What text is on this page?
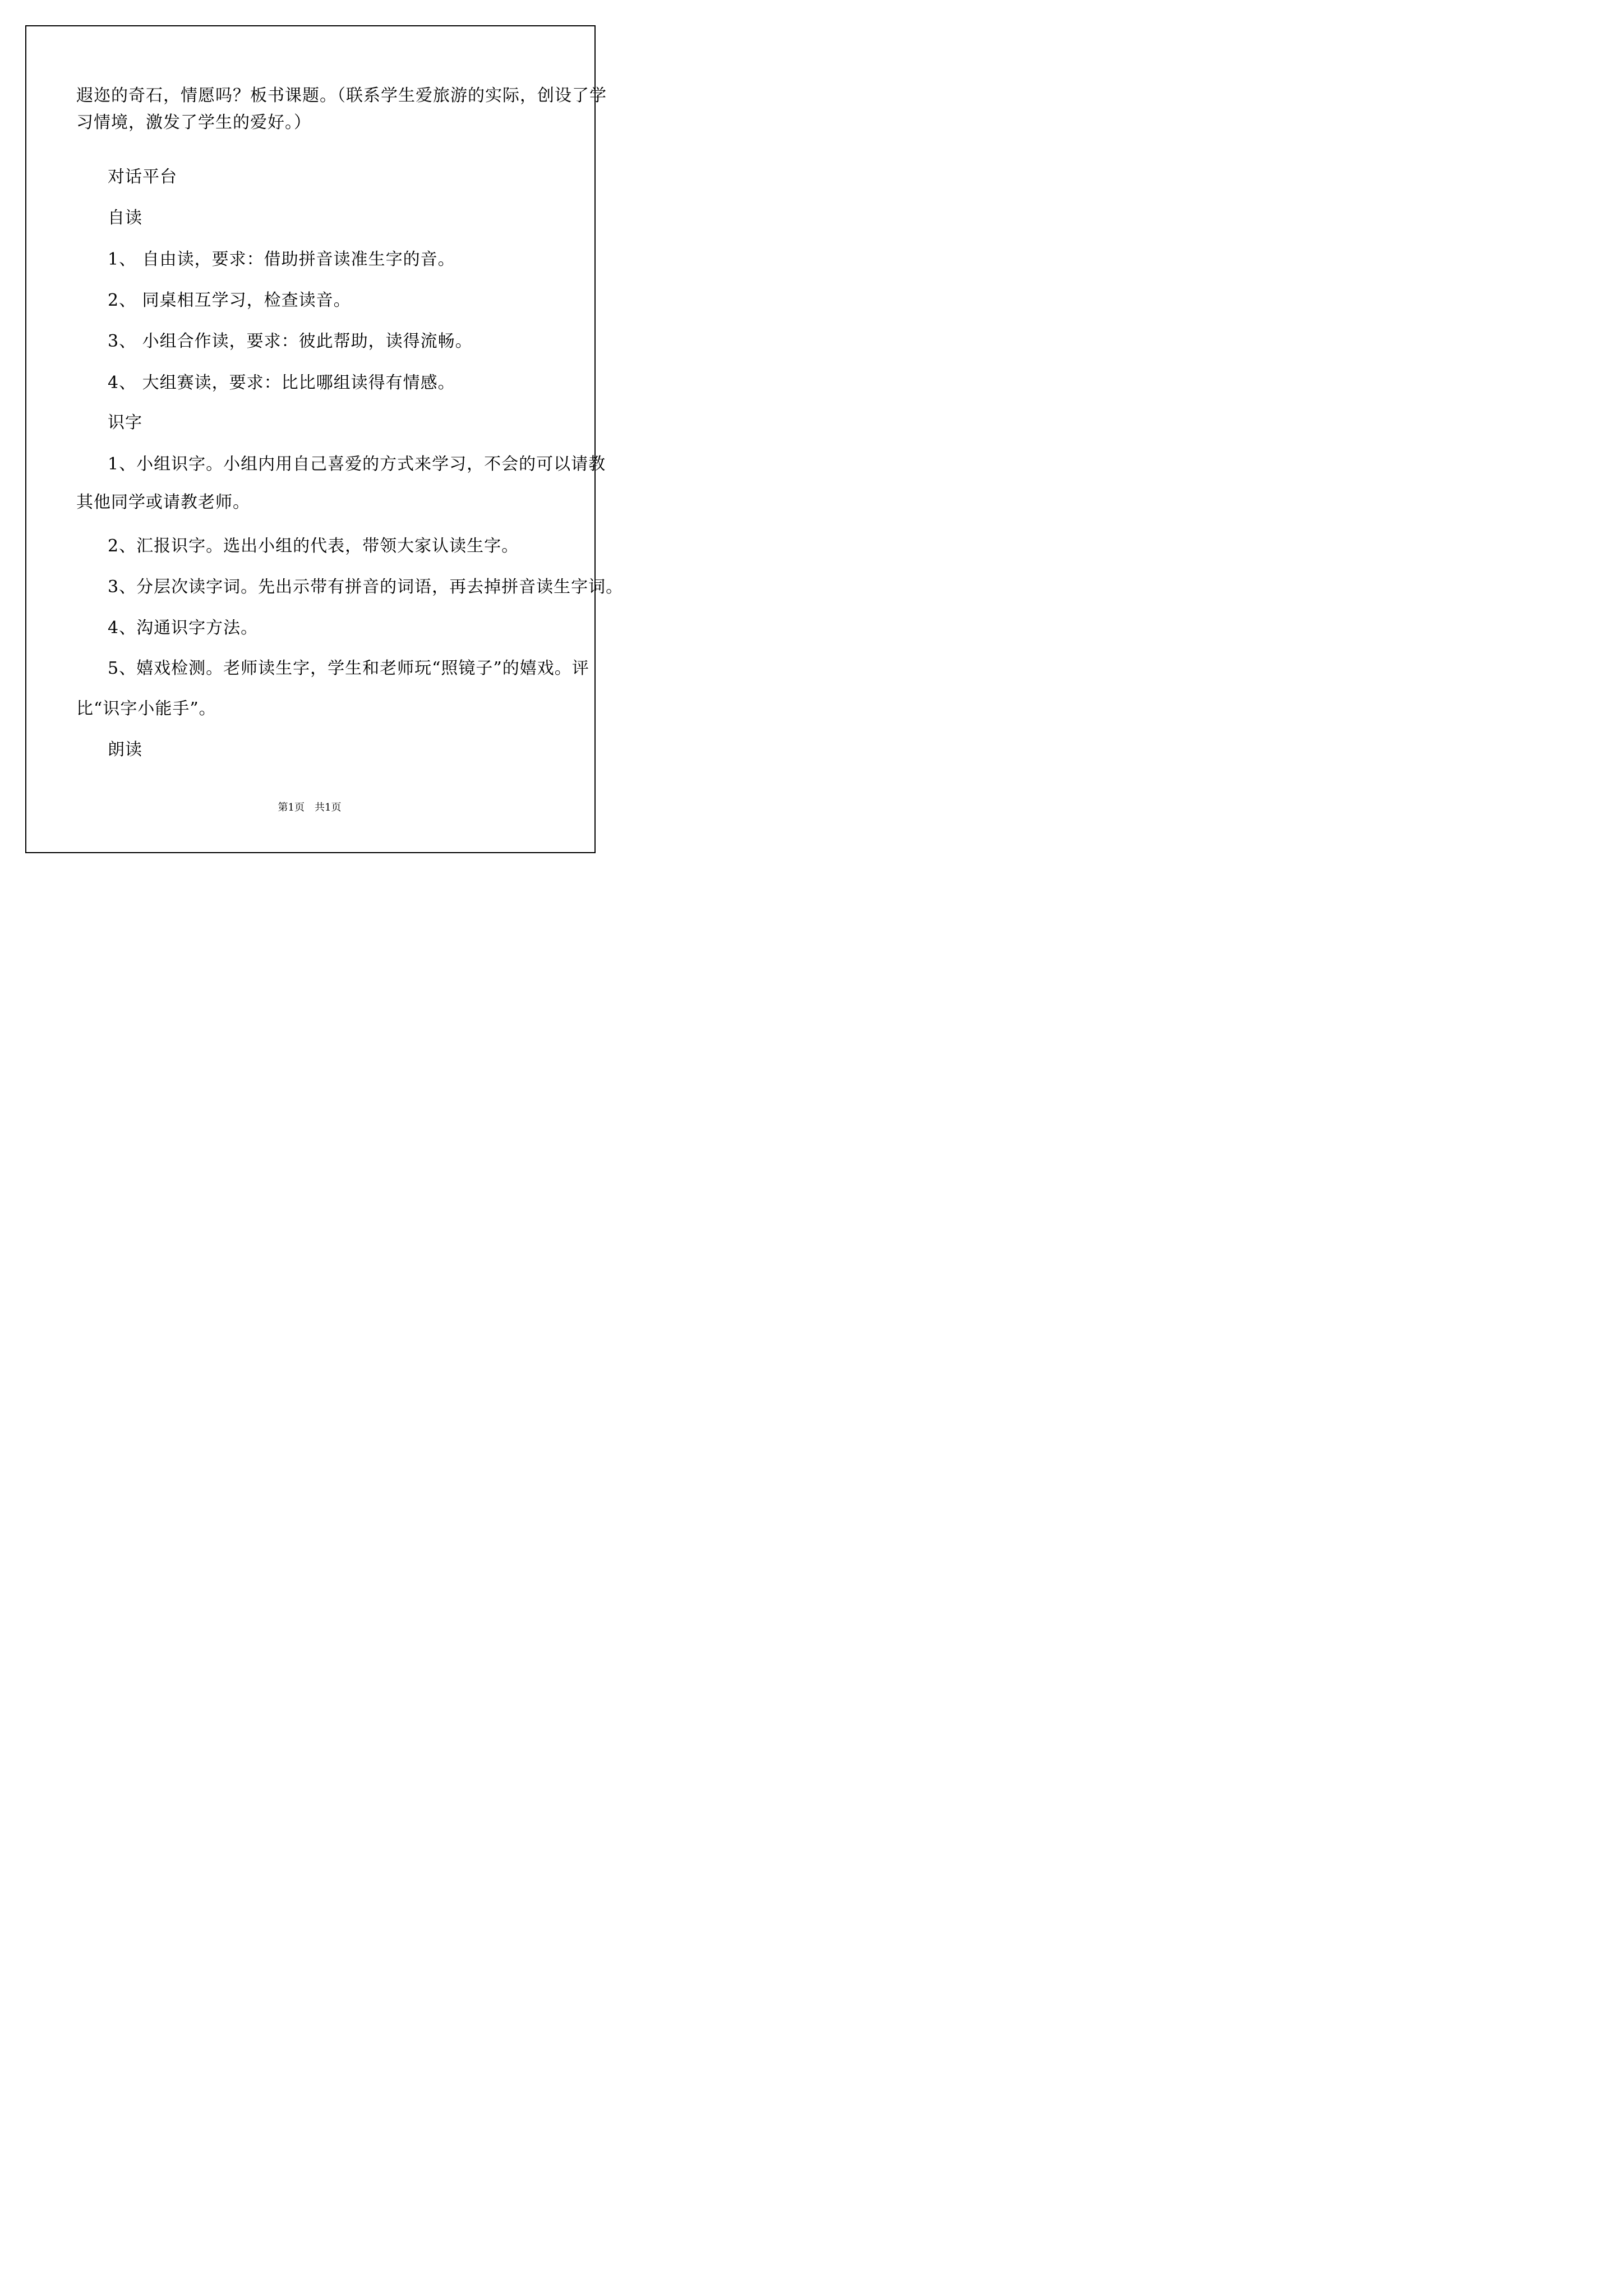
遐迩的奇石，情愿吗？板书课题。（联系学生爱旅游的实际，创设了学

习情境，激发了学生的爱好。）

对话平台

自读

1、 自由读，要求：借助拼音读准生字的音。

2、 同桌相互学习，检查读音。

3、 小组合作读，要求：彼此帮助，读得流畅。

4、 大组赛读，要求：比比哪组读得有情感。

识字

1、小组识字。小组内用自己喜爱的方式来学习，不会的可以请教

其他同学或请教老师。

2、汇报识字。选出小组的代表，带领大家认读生字。

3、分层次读字词。先出示带有拼音的词语，再去掉拼音读生字词。

4、沟通识字方法。

5、嬉戏检测。老师读生字，学生和老师玩“照镜子”的嬉戏。评

比“识字小能手”。

朗读

第1页　共1页
